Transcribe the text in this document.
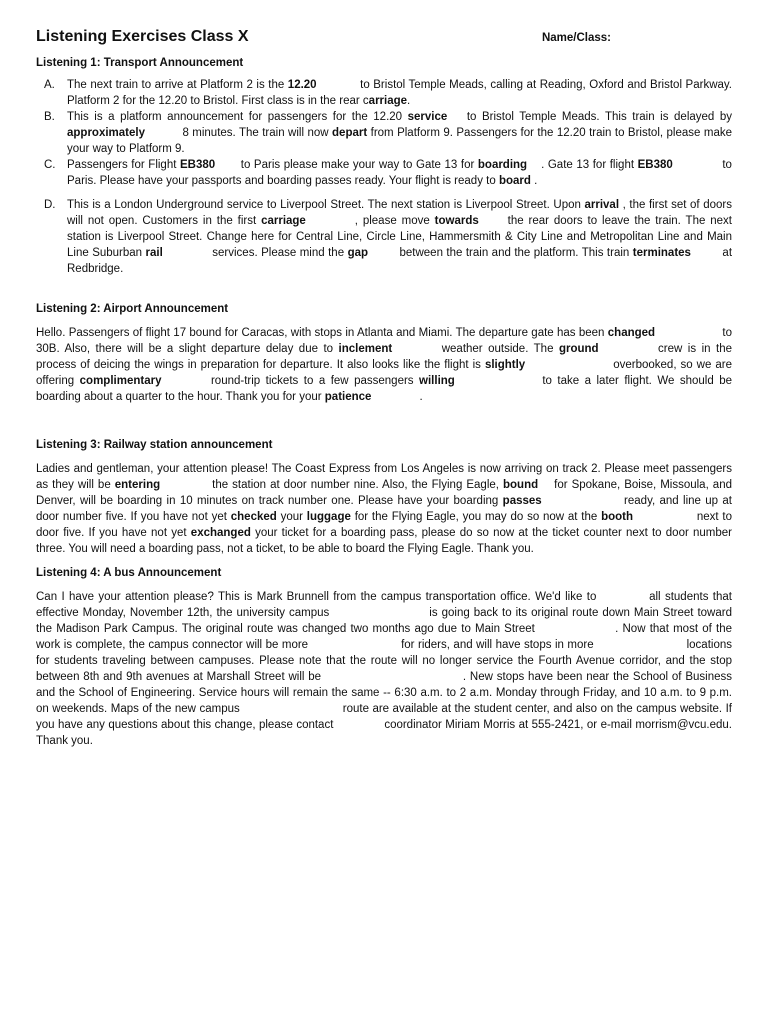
Listening Exercises Class X	Name/Class:
Listening 1: Transport Announcement
A. The next train to arrive at Platform 2 is the 12.20	to Bristol Temple Meads, calling at Reading, Oxford and Bristol Parkway. Platform 2 for the 12.20 to Bristol. First class is in the rear carriage.
B. This is a platform announcement for passengers for the 12.20 service to Bristol Temple Meads. This train is delayed by approximately	8 minutes. The train will now depart from Platform 9. Passengers for the 12.20 train to Bristol, please make your way to Platform 9.
C. Passengers for Flight EB380 to Paris please make your way to Gate 13 for boarding . Gate 13 for flight EB380	to Paris. Please have your passports and boarding passes ready. Your flight is ready to board .
D. This is a London Underground service to Liverpool Street. The next station is Liverpool Street. Upon arrival , the first set of doors will not open. Customers in the first carriage	, please move towards	the rear doors to leave the train. The next station is Liverpool Street. Change here for Central Line, Circle Line, Hammersmith & City Line and Metropolitan Line and Main Line Suburban rail	services. Please mind the gap	between the train and the platform. This train terminates	at Redbridge.
Listening 2: Airport Announcement

Hello. Passengers of flight 17 bound for Caracas, with stops in Atlanta and Miami. The departure gate has been changed	to 30B. Also, there will be a slight departure delay due to inclement	weather outside. The ground	crew is in the process of deicing the wings in preparation for departure. It also looks like the flight is slightly	overbooked, so we are offering complimentary	round-trip tickets to a few passengers willing	to take a later flight. We should be boarding about a quarter to the hour. Thank you for your patience	.

Listening 3: Railway station announcement

Ladies and gentleman, your attention please! The Coast Express from Los Angeles is now arriving on track 2. Please meet passengers as they will be entering	the station at door number nine. Also, the Flying Eagle, bound for Spokane, Boise, Missoula, and Denver, will be boarding in 10 minutes on track number one. Please have your boarding passes	ready, and line up at door number five. If you have not yet checked your luggage for the Flying Eagle, you may do so now at the booth	next to door five. If you have not yet exchanged your ticket for a boarding pass, please do so now at the ticket counter next to door number three. You will need a boarding pass, not a ticket, to be able to board the Flying Eagle. Thank you.

Listening 4: A bus Announcement

Can I have your attention please? This is Mark Brunnell from the campus transportation office. We'd like to	all students that effective Monday, November 12th, the university campus	is going back to its original route down Main Street toward the Madison Park Campus. The original route was changed two months ago due to Main Street	. Now that most of the work is complete, the campus connector will be more	for riders, and will have stops in more	locations for students traveling between campuses. Please note that the route will no longer service the Fourth Avenue corridor, and the stop between 8th and 9th avenues at Marshall Street will be	. New stops have been near the School of Business and the School of Engineering. Service hours will remain the same -- 6:30 a.m. to 2 a.m. Monday through Friday, and 10 a.m. to 9 p.m. on weekends. Maps of the new campus	route are available at the student center, and also on the campus website. If you have any questions about this change, please contact	coordinator Miriam Morris at 555-2421, or e-mail morrism@vcu.edu. Thank you.
